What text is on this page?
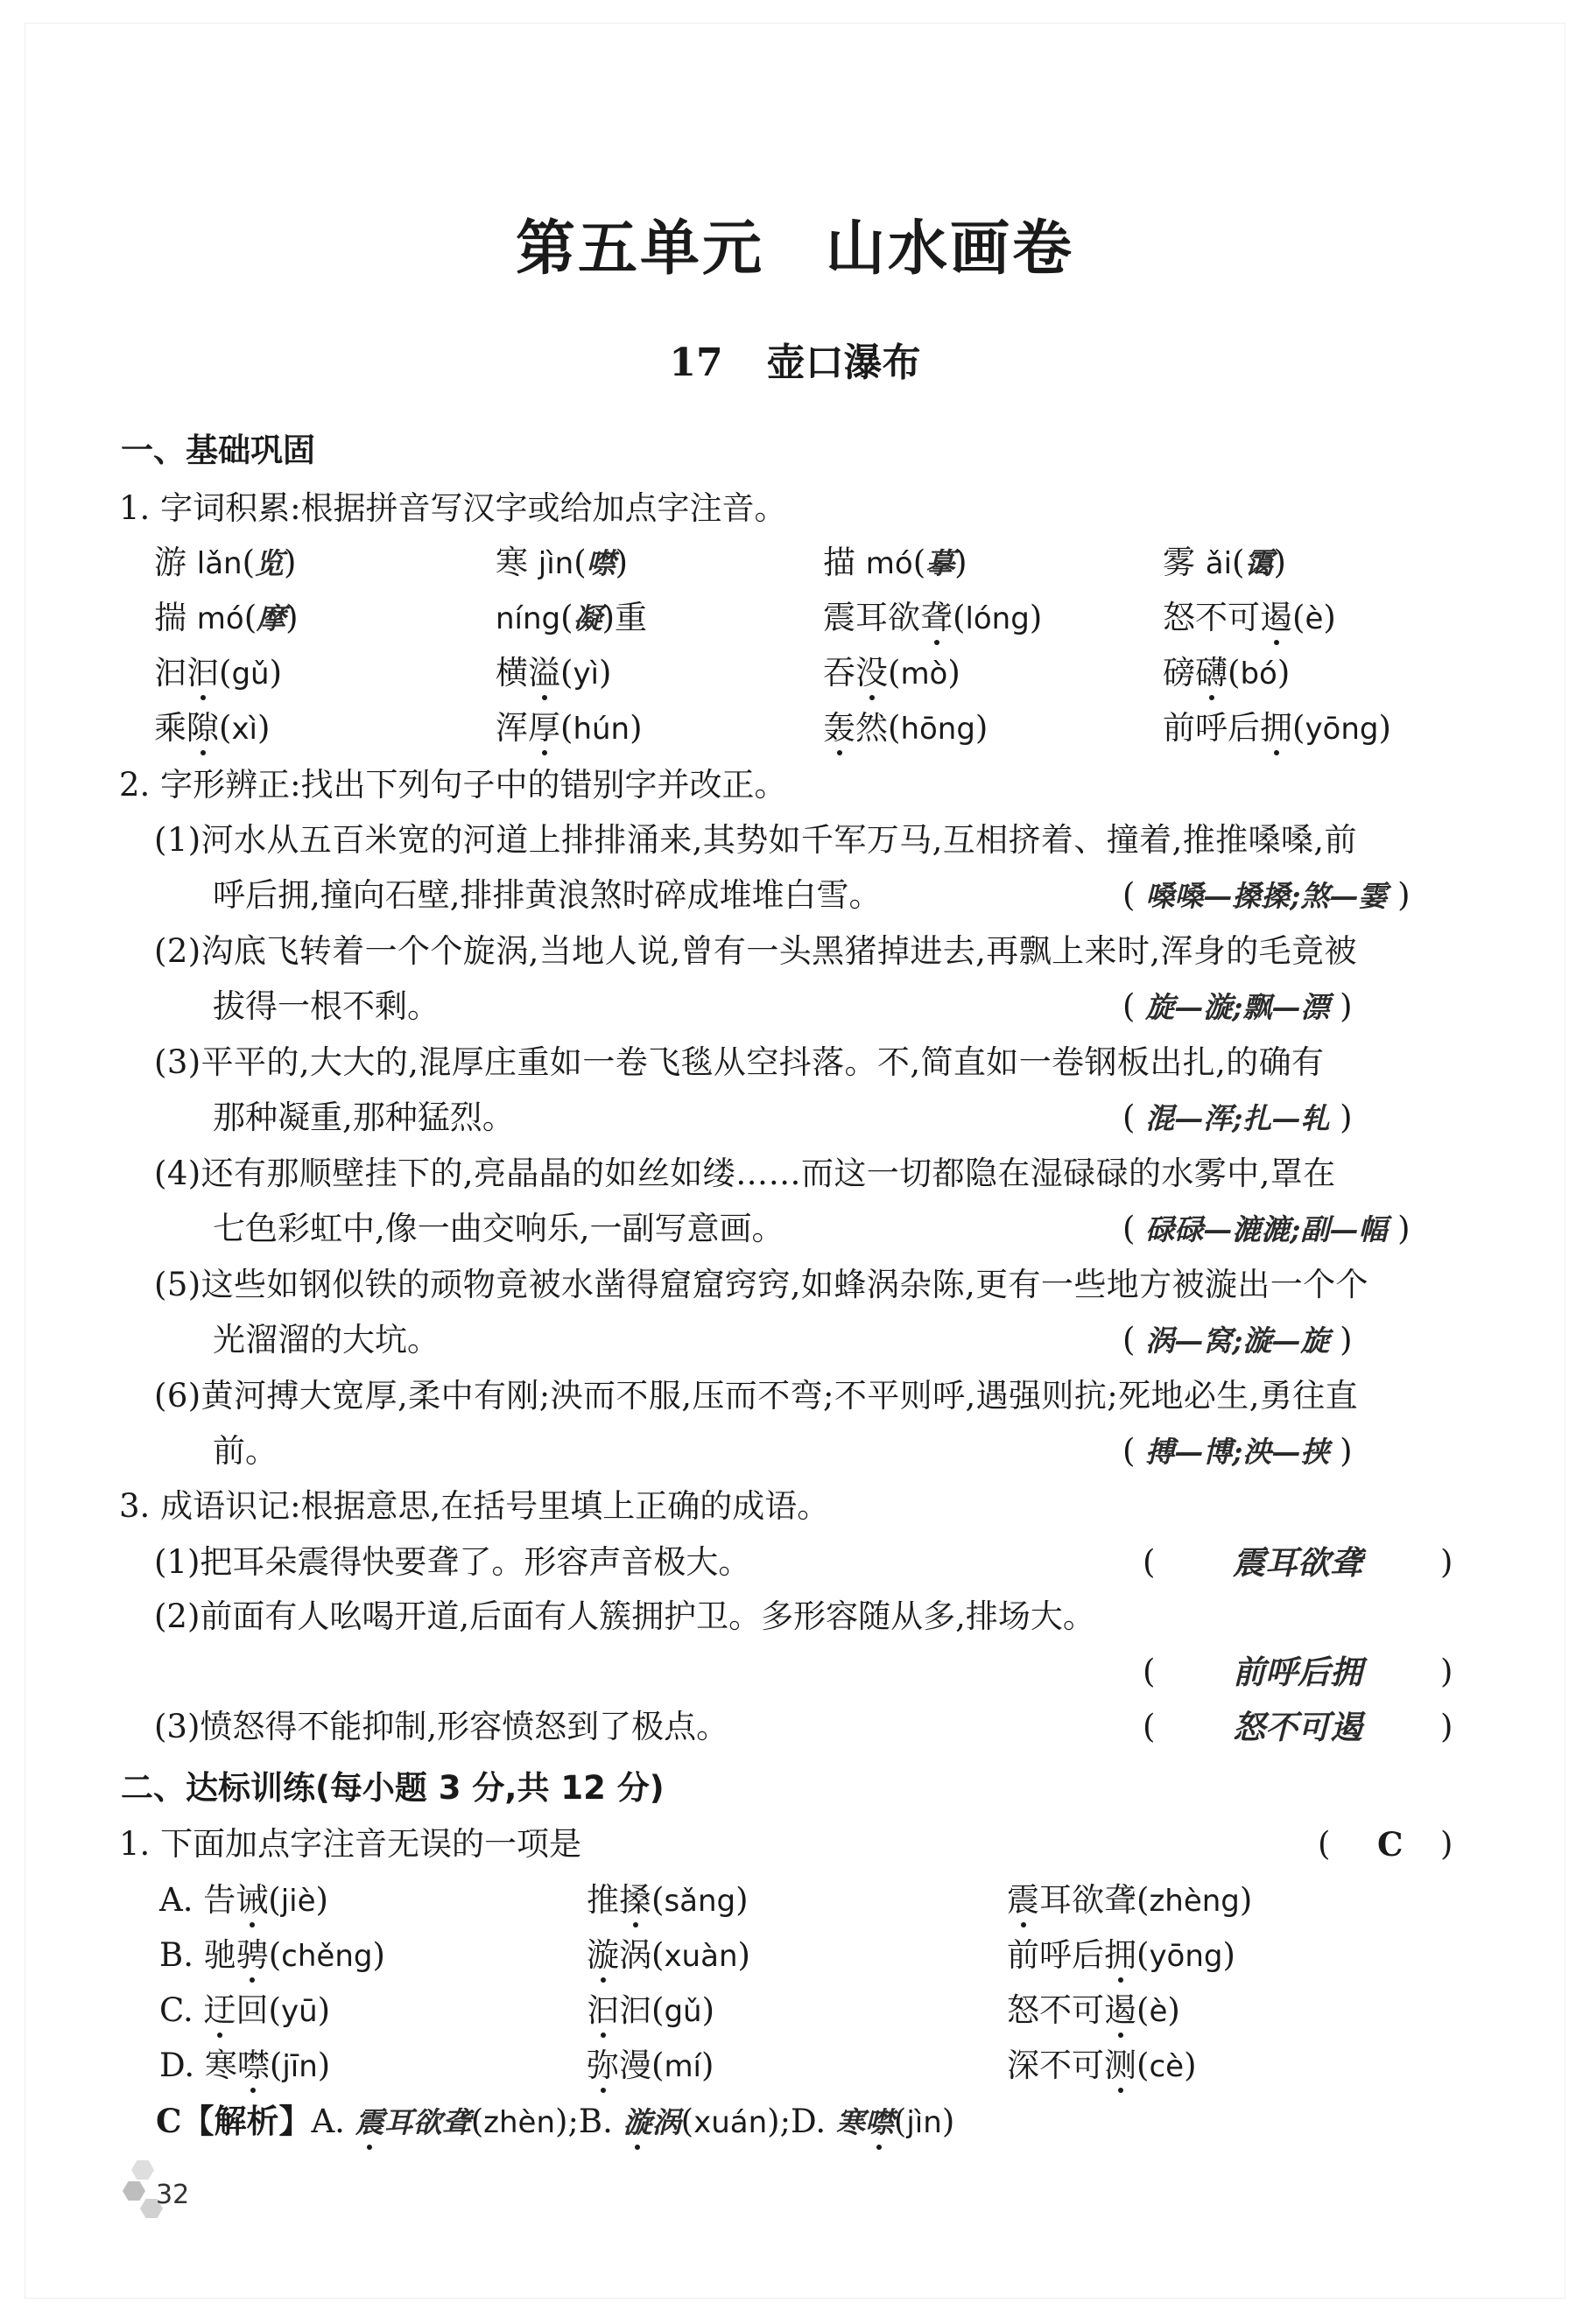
第五单元 山水画卷
17 壶口瀑布
一、基础巩固
1. 字词积累:根据拼音写汉字或给加点字注音。
游 lǎn(览)	寒 jìn(噤)	描 mó(摹)	雾 ǎi(霭)
揣 mó(摩)	níng(凝)重	震耳欲聋(lóng)	怒不可遏(è)
汩汩(gǔ)	横溢(yì)	吞没(mò)	磅礴(bó)
乘隙(xì)	浑厚(hún)	轰然(hōng)	前呼后拥(yōng)
2. 字形辨正:找出下列句子中的错别字并改正。
(1)河水从五百米宽的河道上排排涌来,其势如千军万马,互相挤着、撞着,推推嗓嗓,前
呼后拥,撞向石壁,排排黄浪煞时碎成堆堆白雪。	( 嗓嗓—搡搡;煞—霎 )
(2)沟底飞转着一个个旋涡,当地人说,曾有一头黑猪掉进去,再飘上来时,浑身的毛竟被
拔得一根不剩。	( 旋—漩;飘—漂 )
(3)平平的,大大的,混厚庄重如一卷飞毯从空抖落。不,简直如一卷钢板出扎,的确有
那种凝重,那种猛烈。	( 混—浑;扎—轧 )
(4)还有那顺壁挂下的,亮晶晶的如丝如缕……而这一切都隐在湿碌碌的水雾中,罩在
七色彩虹中,像一曲交响乐,一副写意画。	( 碌碌—漉漉;副—幅 )
(5)这些如钢似铁的顽物竟被水凿得窟窟窍窍,如蜂涡杂陈,更有一些地方被漩出一个个
光溜溜的大坑。	( 涡—窝;漩—旋 )
(6)黄河搏大宽厚,柔中有刚;泱而不服,压而不弯;不平则呼,遇强则抗;死地必生,勇往直
前。	( 搏—博;泱—挟 )
3. 成语识记:根据意思,在括号里填上正确的成语。
(1)把耳朵震得快要聋了。形容声音极大。	( 震耳欲聋 )
(2)前面有人吆喝开道,后面有人簇拥护卫。多形容随从多,排场大。
( 前呼后拥 )
(3)愤怒得不能抑制,形容愤怒到了极点。	( 怒不可遏 )
二、达标训练(每小题 3 分,共 12 分)
1. 下面加点字注音无误的一项是	( C )
A. 告诫(jiè)	推搡(sǎng)	震耳欲聋(zhèng)
B. 驰骋(chěng)	漩涡(xuàn)	前呼后拥(yōng)
C. 迂回(yū)	汩汩(gǔ)	怒不可遏(è)
D. 寒噤(jīn)	弥漫(mí)	深不可测(cè)
C【解析】A. 震耳欲聋(zhèn);B. 漩涡(xuán);D. 寒噤(jìn)
32
